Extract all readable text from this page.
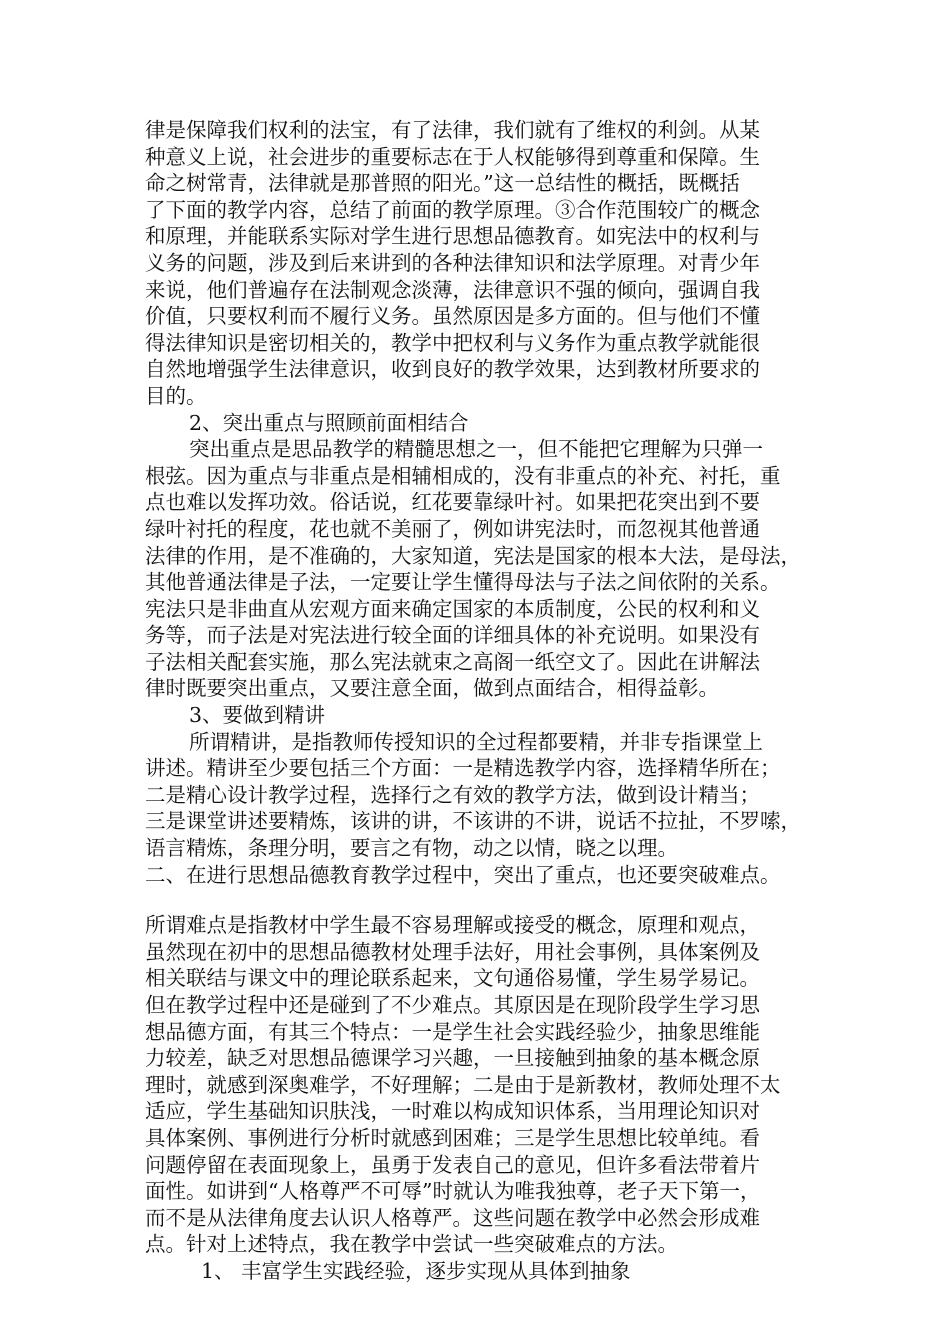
律是保障我们权利的法宝，有了法律，我们就有了维权的利剑。从某
种意义上说，社会进步的重要标志在于人权能够得到尊重和保障。生
命之树常青，法律就是那普照的阳光。”这一总结性的概括，既概括
了下面的教学内容，总结了前面的教学原理。③合作范围较广的概念
和原理，并能联系实际对学生进行思想品德教育。如宪法中的权利与
义务的问题，涉及到后来讲到的各种法律知识和法学原理。对青少年
来说，他们普遍存在法制观念淡薄，法律意识不强的倾向，强调自我
价值，只要权利而不履行义务。虽然原因是多方面的。但与他们不懂
得法律知识是密切相关的，教学中把权利与义务作为重点教学就能很
自然地增强学生法律意识，收到良好的教学效果，达到教材所要求的
目的。
2、突出重点与照顾前面相结合
突出重点是思品教学的精髓思想之一，但不能把它理解为只弹一
根弦。因为重点与非重点是相辅相成的，没有非重点的补充、衬托，重
点也难以发挥功效。俗话说，红花要靠绿叶衬。如果把花突出到不要
绿叶衬托的程度，花也就不美丽了，例如讲宪法时，而忽视其他普通
法律的作用，是不准确的，大家知道，宪法是国家的根本大法，是母法，
其他普通法律是子法，一定要让学生懂得母法与子法之间依附的关系。
宪法只是非曲直从宏观方面来确定国家的本质制度，公民的权利和义
务等，而子法是对宪法进行较全面的详细具体的补充说明。如果没有
子法相关配套实施，那么宪法就束之高阁一纸空文了。因此在讲解法
律时既要突出重点，又要注意全面，做到点面结合，相得益彰。
3、要做到精讲
所谓精讲，是指教师传授知识的全过程都要精，并非专指课堂上
讲述。精讲至少要包括三个方面：一是精选教学内容，选择精华所在；
二是精心设计教学过程，选择行之有效的教学方法，做到设计精当；
三是课堂讲述要精炼，该讲的讲，不该讲的不讲，说话不拉扯，不罗嗦，
语言精炼，条理分明，要言之有物，动之以情，晓之以理。
二、在进行思想品德教育教学过程中，突出了重点，也还要突破难点。
所谓难点是指教材中学生最不容易理解或接受的概念，原理和观点，
虽然现在初中的思想品德教材处理手法好，用社会事例，具体案例及
相关联结与课文中的理论联系起来，文句通俗易懂，学生易学易记。
但在教学过程中还是碰到了不少难点。其原因是在现阶段学生学习思
想品德方面，有其三个特点：一是学生社会实践经验少，抽象思维能
力较差，缺乏对思想品德课学习兴趣，一旦接触到抽象的基本概念原
理时，就感到深奥难学，不好理解；二是由于是新教材，教师处理不太
适应，学生基础知识肤浅，一时难以构成知识体系，当用理论知识对
具体案例、事例进行分析时就感到困难；三是学生思想比较单纯。看
问题停留在表面现象上，虽勇于发表自己的意见，但许多看法带着片
面性。如讲到“人格尊严不可辱”时就认为唯我独尊，老子天下第一，
而不是从法律角度去认识人格尊严。这些问题在教学中必然会形成难
点。针对上述特点，我在教学中尝试一些突破难点的方法。
1、 丰富学生实践经验，逐步实现从具体到抽象
